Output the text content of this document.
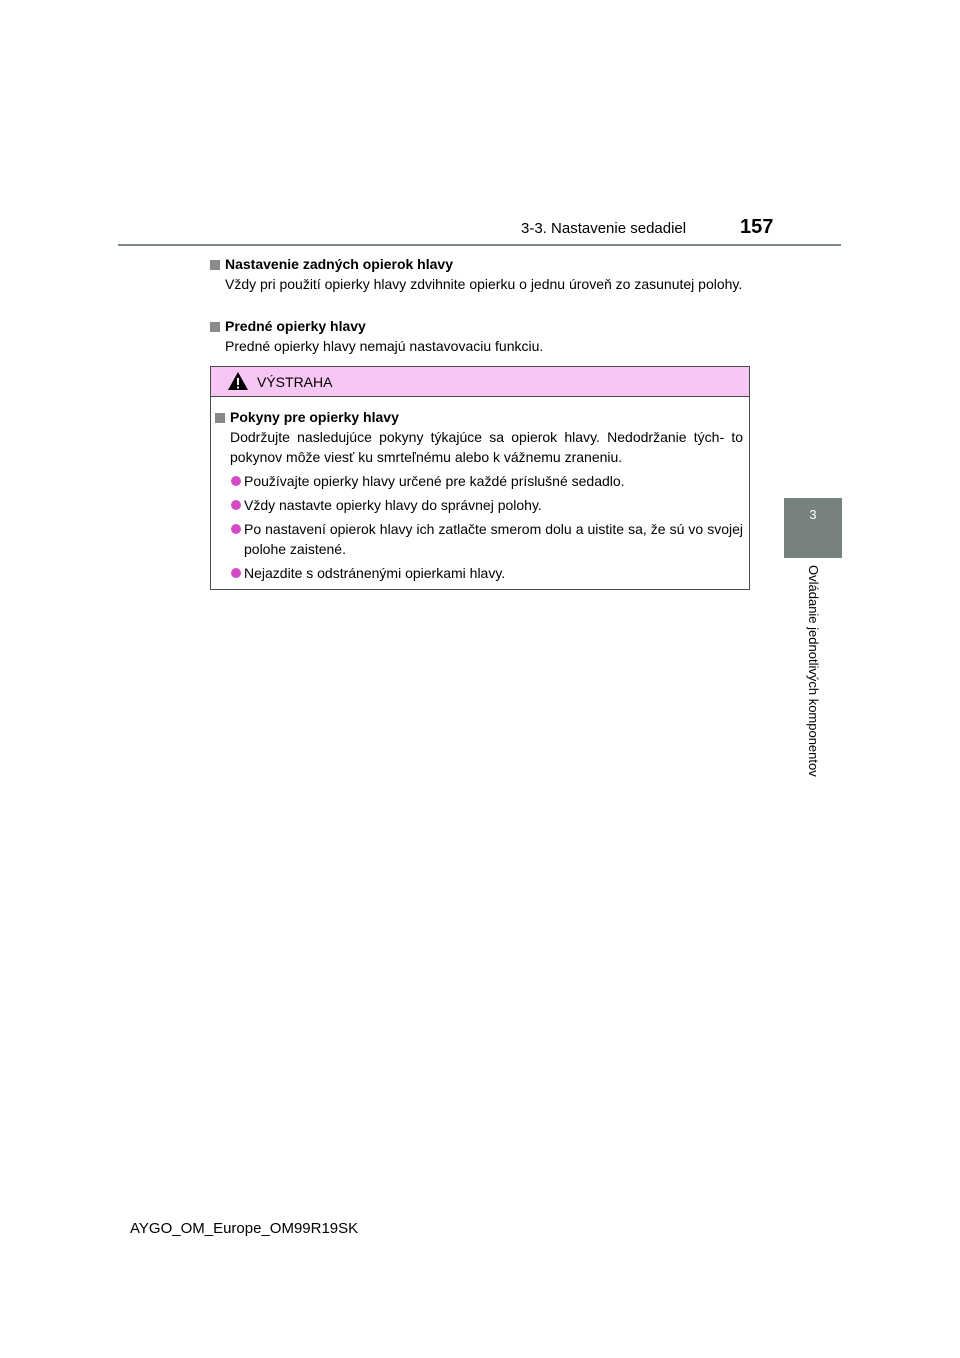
3-3. Nastavenie sedadiel	157
3
Ovládanie jednotlivých komponentov
Nastavenie zadných opierok hlavy
Vždy pri použití opierky hlavy zdvihnite opierku o jednu úroveň zo zasunutej polohy.
Predné opierky hlavy
Predné opierky hlavy nemajú nastavovaciu funkciu.
VÝSTRAHA
Pokyny pre opierky hlavy
Dodržujte nasledujúce pokyny týkajúce sa opierok hlavy. Nedodržanie tých- to pokynov môže viesť ku smrteľnému alebo k vážnemu zraneniu.
Používajte opierky hlavy určené pre každé príslušné sedadlo.
Vždy nastavte opierky hlavy do správnej polohy.
Po nastavení opierok hlavy ich zatlačte smerom dolu a uistite sa, že sú vo svojej polohe zaistené.
Nejazdite s odstránenými opierkami hlavy.
AYGO_OM_Europe_OM99R19SK
